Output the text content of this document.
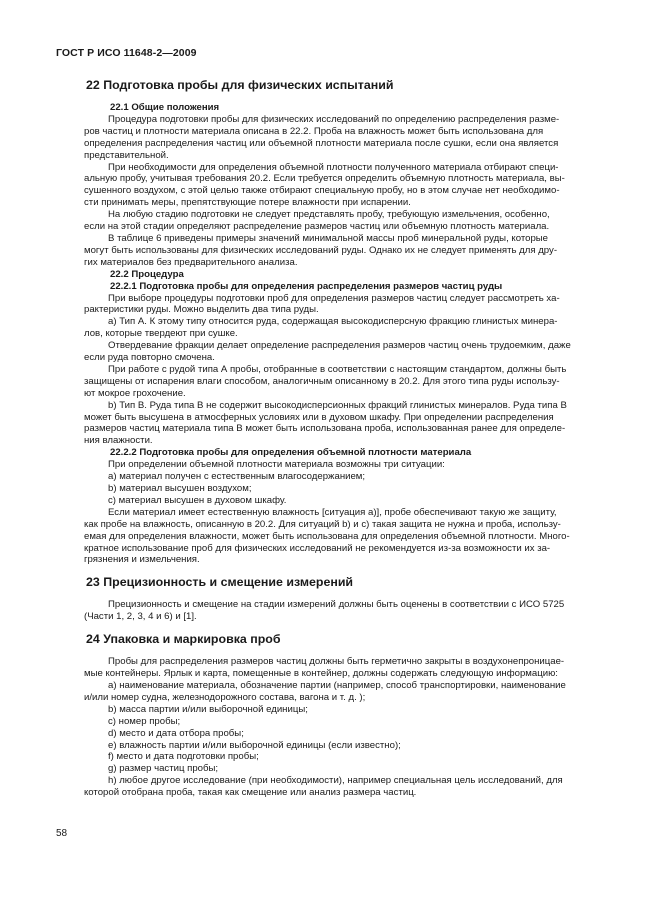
ГОСТ Р ИСО 11648-2—2009
22 Подготовка пробы для физических испытаний
22.1 Общие положения
Процедура подготовки пробы для физических исследований по определению распределения разме-
ров частиц и плотности материала описана в 22.2. Проба на влажность может быть использована для
определения распределения частиц или объемной плотности материала после сушки, если она является
представительной.
При необходимости для определения объемной плотности полученного материала отбирают специ-
альную пробу, учитывая требования 20.2. Если требуется определить объемную плотность материала, вы-
сушенного воздухом, с этой целью также отбирают специальную пробу, но в этом случае нет необходимо-
сти принимать меры, препятствующие потере влажности при испарении.
На любую стадию подготовки не следует представлять пробу, требующую измельчения, особенно,
если на этой стадии определяют распределение размеров частиц или объемную плотность материала.
В таблице 6 приведены примеры значений минимальной массы проб минеральной руды, которые
могут быть использованы для физических исследований руды. Однако их не следует применять для дру-
гих материалов без предварительного анализа.
22.2 Процедура
22.2.1 Подготовка пробы для определения распределения размеров частиц руды
При выборе процедуры подготовки проб для определения размеров частиц следует рассмотреть ха-
рактеристики руды. Можно выделить два типа руды.
а) Тип А. К этому типу относится руда, содержащая высокодисперсную фракцию глинистых минера-
лов, которые твердеют при сушке.
Отвердевание фракции делает определение распределения размеров частиц очень трудоемким, даже
если руда повторно смочена.
При работе с рудой типа А пробы, отобранные в соответствии с настоящим стандартом, должны быть
защищены от испарения влаги способом, аналогичным описанному в 20.2. Для этого типа руды использу-
ют мокрое грохочение.
b) Тип В. Руда типа В не содержит высокодисперсионных фракций глинистых минералов. Руда типа В
может быть высушена в атмосферных условиях или в духовом шкафу. При определении распределения
размеров частиц материала типа В может быть использована проба, использованная ранее для определе-
ния влажности.
22.2.2 Подготовка пробы для определения объемной плотности материала
При определении объемной плотности материала возможны три ситуации:
а) материал получен с естественным влагосодержанием;
b) материал высушен воздухом;
с) материал высушен в духовом шкафу.
Если материал имеет естественную влажность [ситуация а)], пробе обеспечивают такую же защиту,
как пробе на влажность, описанную в 20.2. Для ситуаций b) и с) такая защита не нужна и проба, использу-
емая для определения влажности, может быть использована для определения объемной плотности. Много-
кратное использование проб для физических исследований не рекомендуется из-за возможности их за-
грязнения и измельчения.
23 Прецизионность и смещение измерений
Прецизионность и смещение на стадии измерений должны быть оценены в соответствии с ИСО 5725
(Части 1, 2, 3, 4 и 6) и [1].
24 Упаковка и маркировка проб
Пробы для распределения размеров частиц должны быть герметично закрыты в воздухонепроницае-
мые контейнеры. Ярлык и карта, помещенные в контейнер, должны содержать следующую информацию:
а) наименование материала, обозначение партии (например, способ транспортировки, наименование
и/или номер судна, железнодорожного состава, вагона и т. д. );
b) масса партии и/или выборочной единицы;
с) номер пробы;
d) место и дата отбора пробы;
е) влажность партии и/или выборочной единицы (если известно);
f) место и дата подготовки пробы;
g) размер частиц пробы;
h) любое другое исследование (при необходимости), например специальная цель исследований, для
которой отобрана проба, такая как смещение или анализ размера частиц.
58
